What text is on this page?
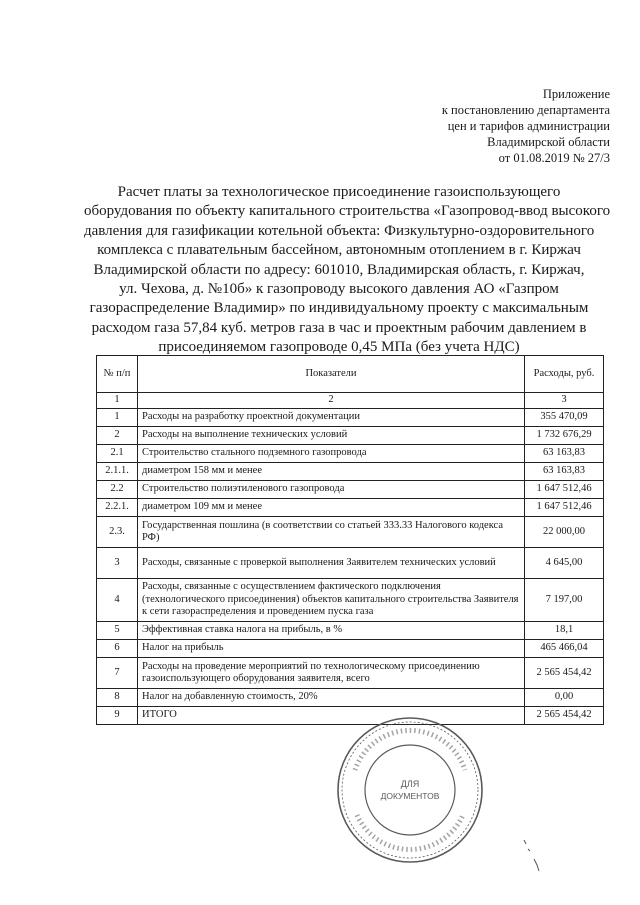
Приложение
к постановлению департамента
цен и тарифов администрации
Владимирской области
от 01.08.2019 № 27/3
Расчет платы за технологическое присоединение газоиспользующего
оборудования по объекту капитального строительства «Газопровод-ввод высокого
давления для газификации котельной объекта: Физкультурно-оздоровительного
комплекса с плавательным бассейном, автономным отоплением в г. Киржач
Владимирской области по адресу: 601010, Владимирская область, г. Киржач,
ул. Чехова, д. №10б» к газопроводу высокого давления АО «Газпром
газораспределение Владимир» по индивидуальному проекту с максимальным
расходом газа 57,84 куб. метров газа в час и проектным рабочим давлением в
присоединяемом газопроводе 0,45 МПа (без учета НДС)
№ п/п	Показатели	Расходы, руб.
1	2	3
1	Расходы на разработку проектной документации	355 470,09
2	Расходы на выполнение технических условий	1 732 676,29
2.1	Строительство стального подземного газопровода	63 163,83
2.1.1.	диаметром 158 мм и менее	63 163,83
2.2	Строительство полиэтиленового газопровода	1 647 512,46
2.2.1.	диаметром 109 мм и менее	1 647 512,46
2.3.	Государственная пошлина (в соответствии со статьей 333.33 Налогового кодекса РФ)	22 000,00
3	Расходы, связанные с проверкой выполнения Заявителем технических условий	4 645,00
4	Расходы, связанные с осуществлением фактического подключения (технологического присоединения) объектов капитального строительства Заявителя к сети газораспределения и проведением пуска газа	7 197,00
5	Эффективная ставка налога на прибыль, в %	18,1
6	Налог на прибыль	465 466,04
7	Расходы на проведение мероприятий по технологическому присоединению газоиспользующего оборудования заявителя, всего	2 565 454,42
8	Налог на добавленную стоимость, 20%	0,00
9	ИТОГО	2 565 454,42
ДЛЯ
ДОКУМЕНТОВ
